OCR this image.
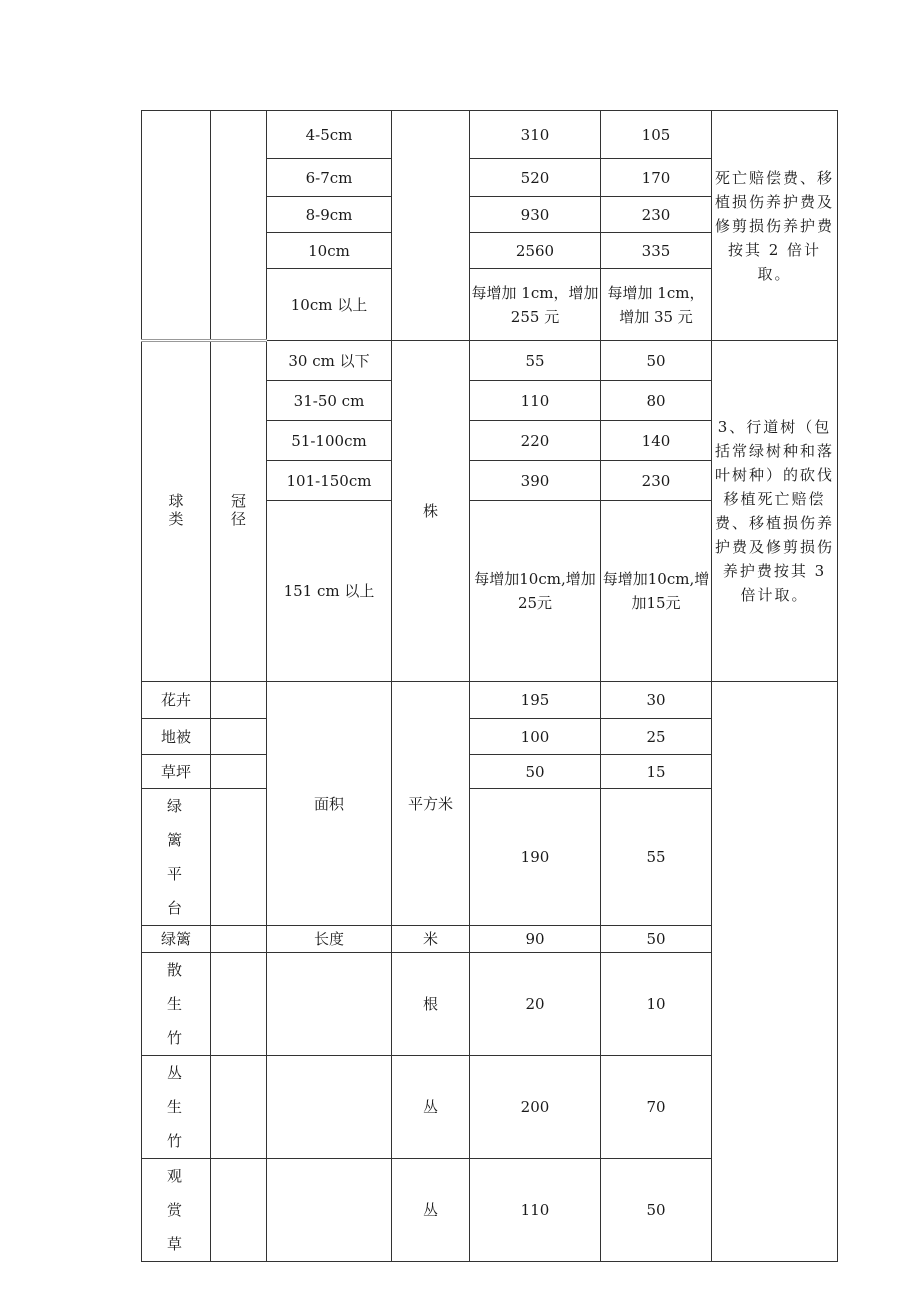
		4-5cm		310	105	死亡赔偿费、移植损伤养护费及修剪损伤养护费按其 2 倍计取。
		6-7cm		520	170	
		8-9cm		930	230	
		10cm		2560	335	
		10cm 以上		每增加 1cm，增加 255 元	每增加 1cm，增加 35 元	
球类	冠径	30 cm 以下	株	55	50	3、行道树（包括常绿树种和落叶树种）的砍伐移植死亡赔偿费、移植损伤养护费及修剪损伤养护费按其 3 倍计取。
		31-50 cm		110	80	
		51-100cm		220	140	
		101-150cm		390	230	
		151 cm 以上		每增加10cm,增加25元	每增加10cm,增加15元	
花卉		面积	平方米	195	30	
地被				100	25	
草坪				50	15	
绿篱平台				190	55	
绿篱		长度	米	90	50	
散生竹			根	20	10	
丛生竹			丛	200	70	
观赏草			丛	110	50	
